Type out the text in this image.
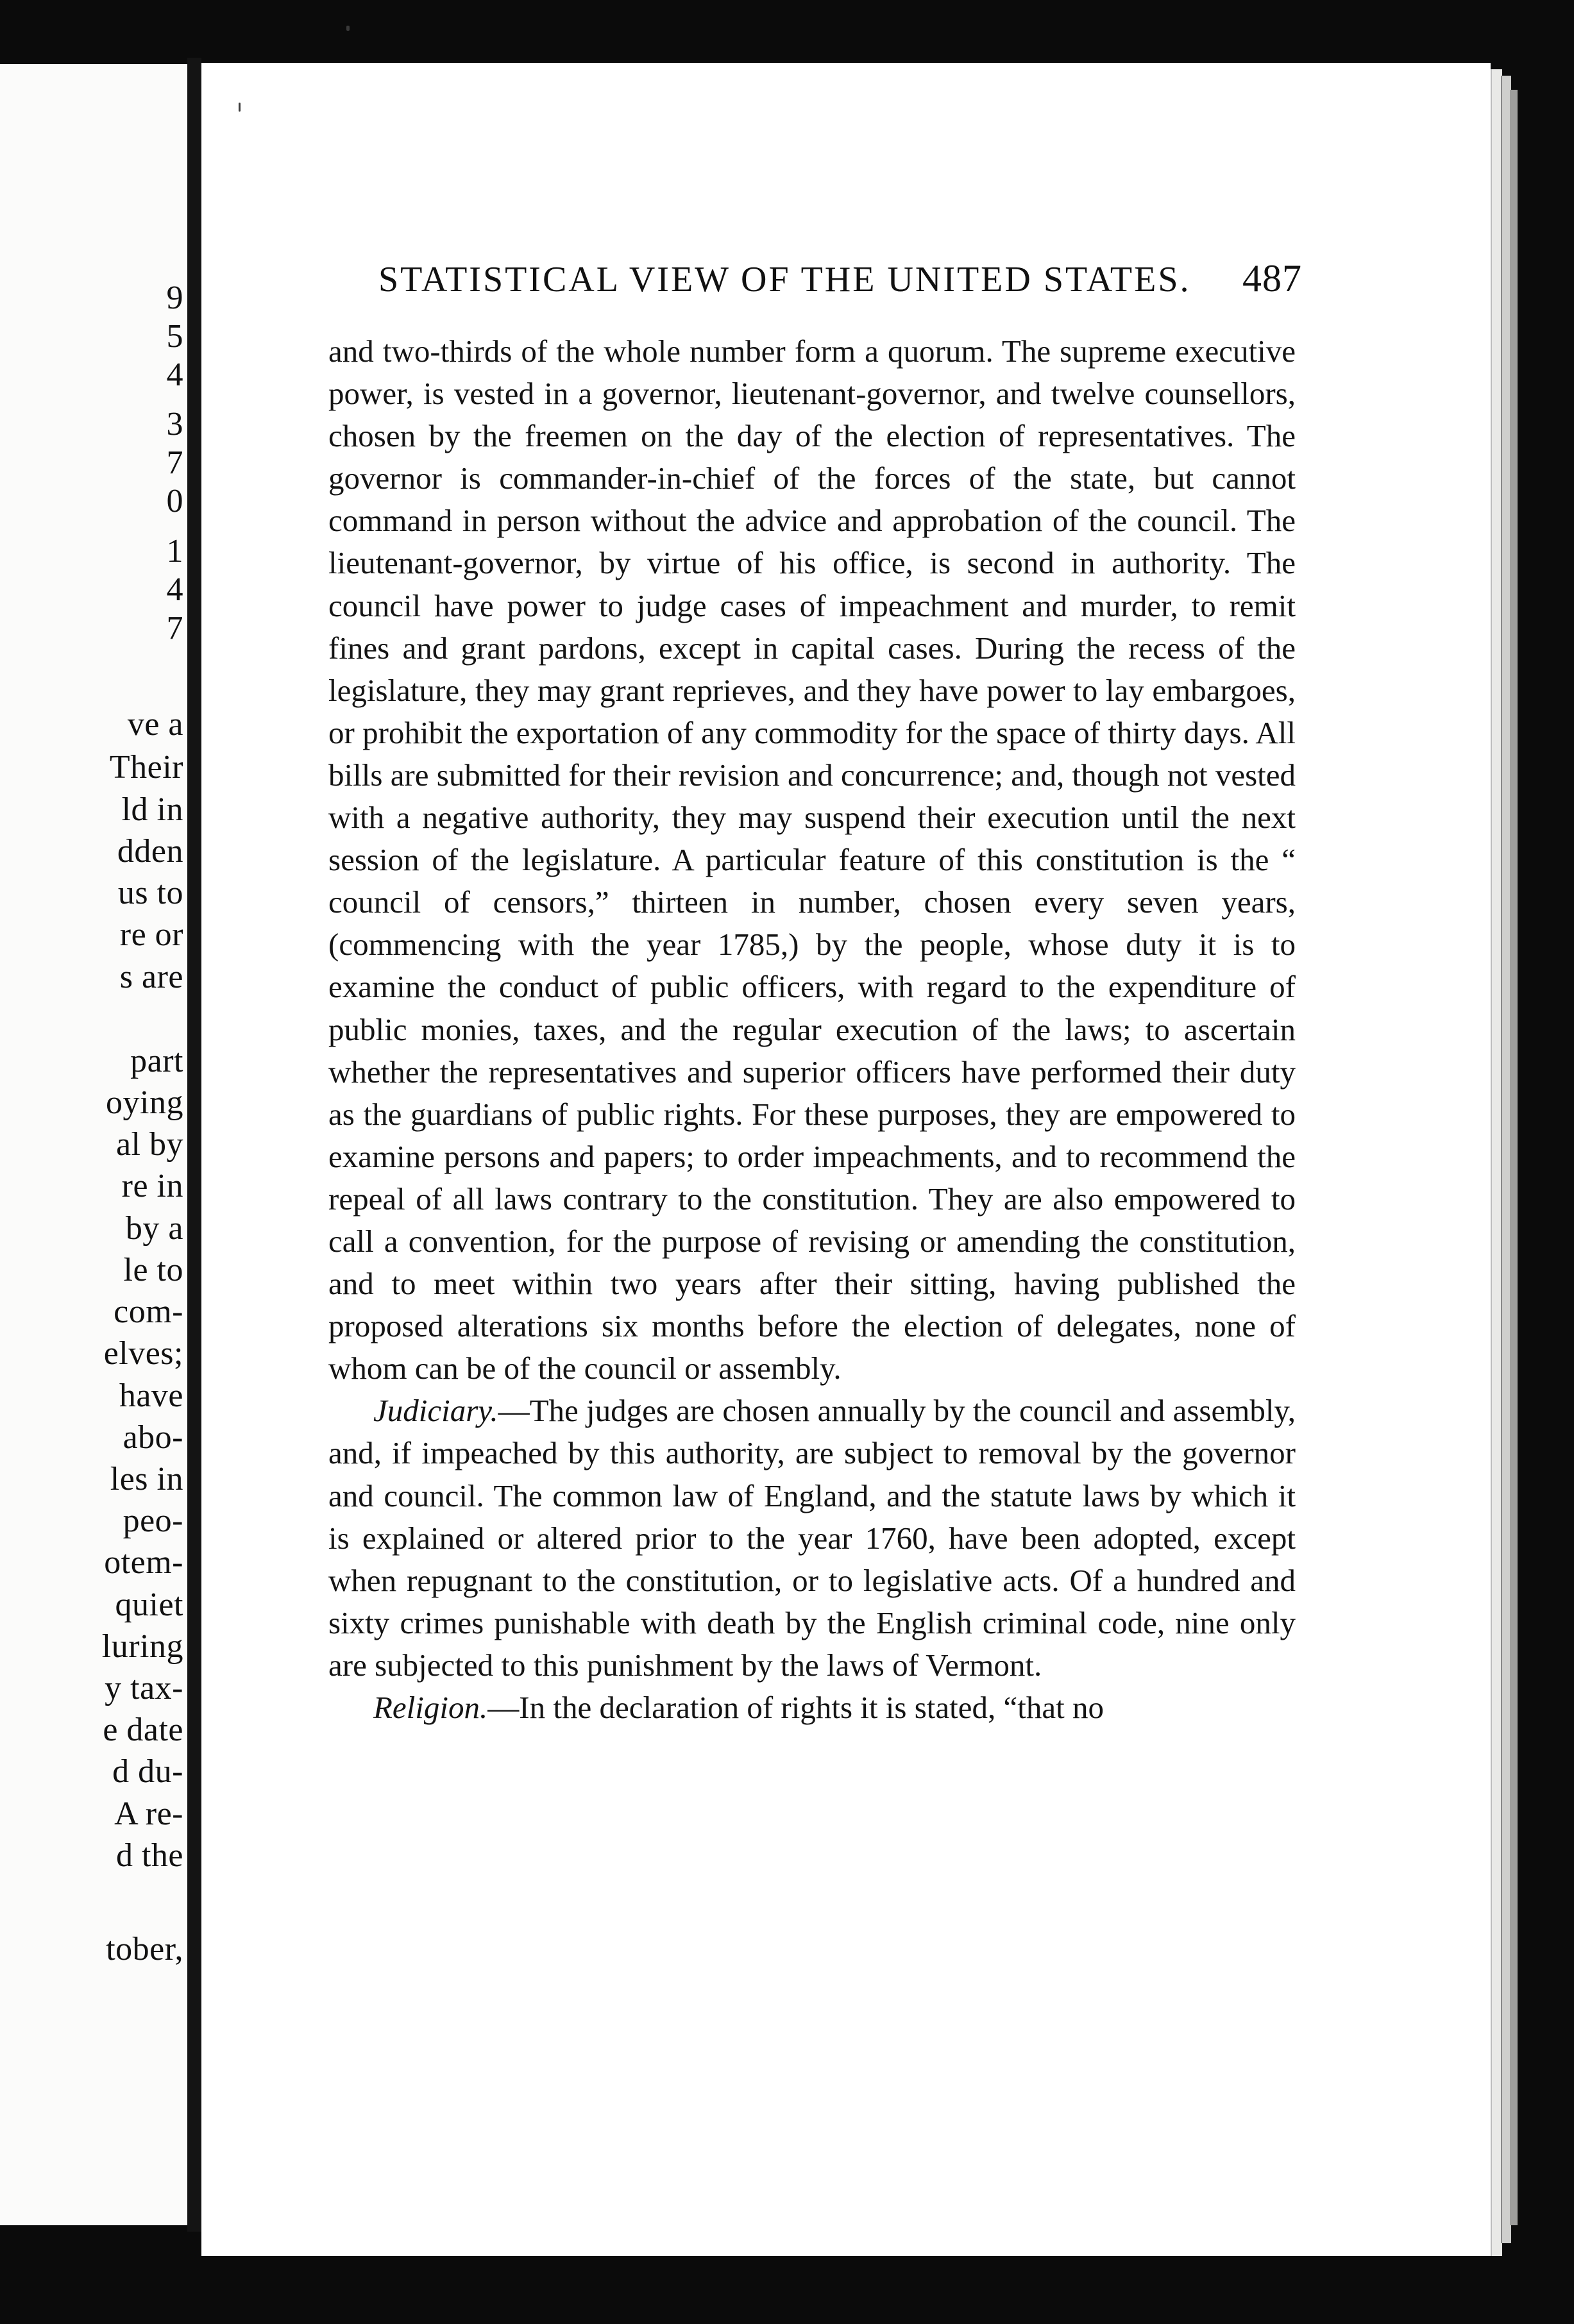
9
5
4
3
7
0
1
4
7
ve a
Their
ld in
dden
us to
re or
s are
part
oying
al by
re in
by a
le to
com-
elves;
have
abo-
les in
peo-
otem-
quiet
luring
y tax-
e date
d du-
A re-
d the
tober,
STATISTICAL VIEW OF THE UNITED STATES. 487

and two-thirds of the whole number form a quorum. The supreme executive power, is vested in a governor, lieutenant-governor, and twelve counsellors, chosen by the freemen on the day of the election of representatives. The governor is commander-in-chief of the forces of the state, but cannot command in person without the advice and approbation of the council. The lieutenant-governor, by virtue of his office, is second in authority. The council have power to judge cases of impeachment and murder, to remit fines and grant pardons, except in capital cases. During the recess of the legislature, they may grant reprieves, and they have power to lay embargoes, or prohibit the exportation of any commodity for the space of thirty days. All bills are submitted for their revision and concurrence; and, though not vested with a negative authority, they may suspend their execution until the next session of the legislature. A particular feature of this constitution is the “ council of censors,” thirteen in number, chosen every seven years, (commencing with the year 1785,) by the people, whose duty it is to examine the conduct of public officers, with regard to the expenditure of public monies, taxes, and the regular execution of the laws; to ascertain whether the representatives and superior officers have performed their duty as the guardians of public rights. For these purposes, they are empowered to examine persons and papers; to order impeachments, and to recommend the repeal of all laws contrary to the constitution. They are also empowered to call a convention, for the purpose of revising or amending the constitution, and to meet within two years after their sitting, having published the proposed alterations six months before the election of delegates, none of whom can be of the council or assembly.

Judiciary.—The judges are chosen annually by the council and assembly, and, if impeached by this authority, are subject to removal by the governor and council. The common law of England, and the statute laws by which it is explained or altered prior to the year 1760, have been adopted, except when repugnant to the constitution, or to legislative acts. Of a hundred and sixty crimes punishable with death by the English criminal code, nine only are subjected to this punishment by the laws of Vermont.

Religion.—In the declaration of rights it is stated, “that no
